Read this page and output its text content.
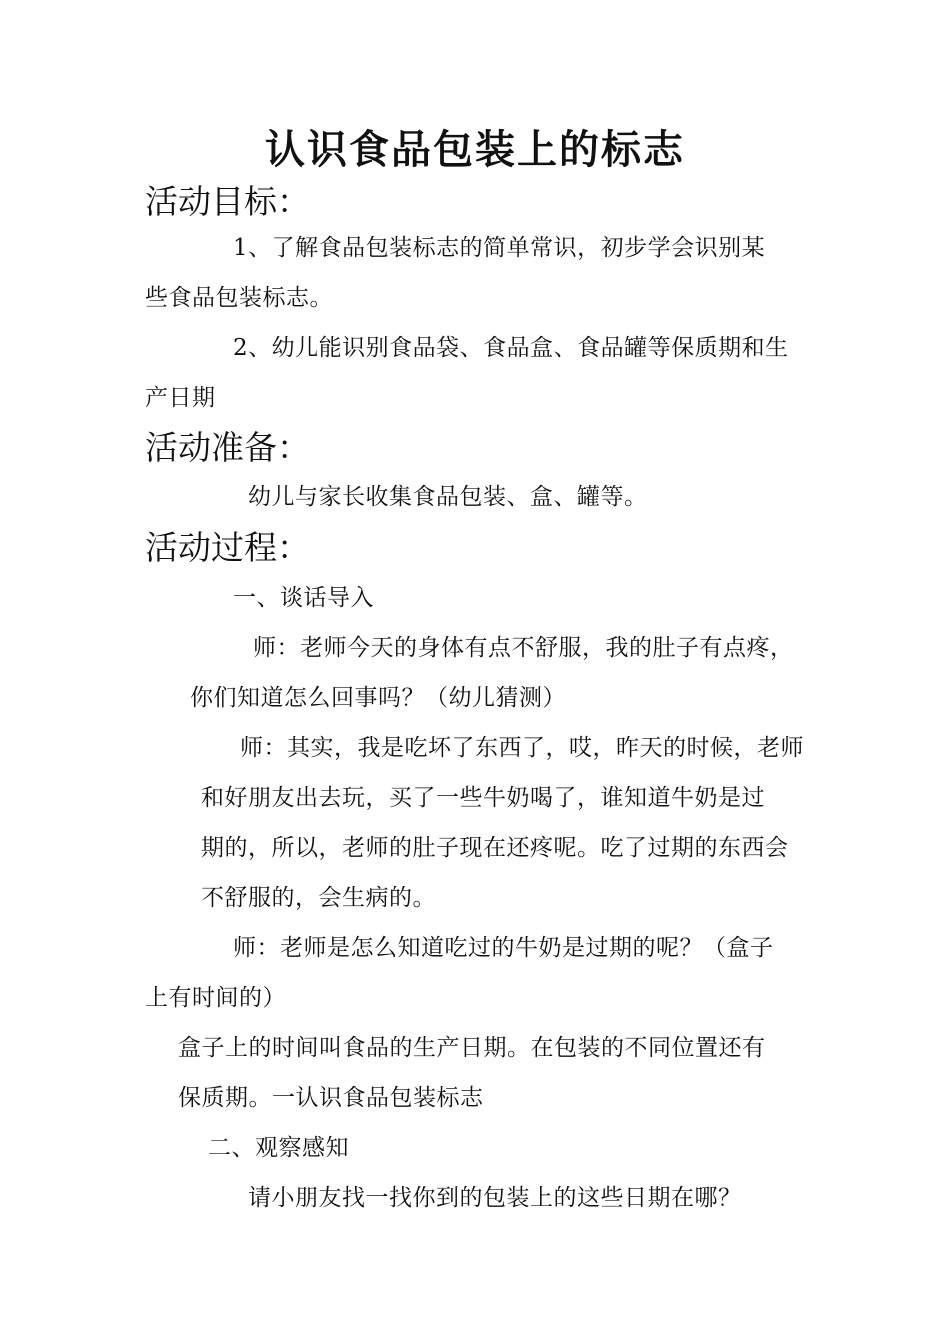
认识食品包装上的标志
活动目标：
1、了解食品包装标志的简单常识，初步学会识别某
些食品包装标志。
2、幼儿能识别食品袋、食品盒、食品罐等保质期和生
产日期
活动准备：
幼儿与家长收集食品包装、盒、罐等。
活动过程：
一、谈话导入
师：老师今天的身体有点不舒服，我的肚子有点疼，
你们知道怎么回事吗？（幼儿猜测）
师：其实，我是吃坏了东西了，哎，昨天的时候，老师
和好朋友出去玩，买了一些牛奶喝了，谁知道牛奶是过
期的，所以，老师的肚子现在还疼呢。吃了过期的东西会
不舒服的，会生病的。
师：老师是怎么知道吃过的牛奶是过期的呢？（盒子
上有时间的）
盒子上的时间叫食品的生产日期。在包装的不同位置还有
保质期。一认识食品包装标志
二、观察感知
请小朋友找一找你到的包装上的这些日期在哪？
